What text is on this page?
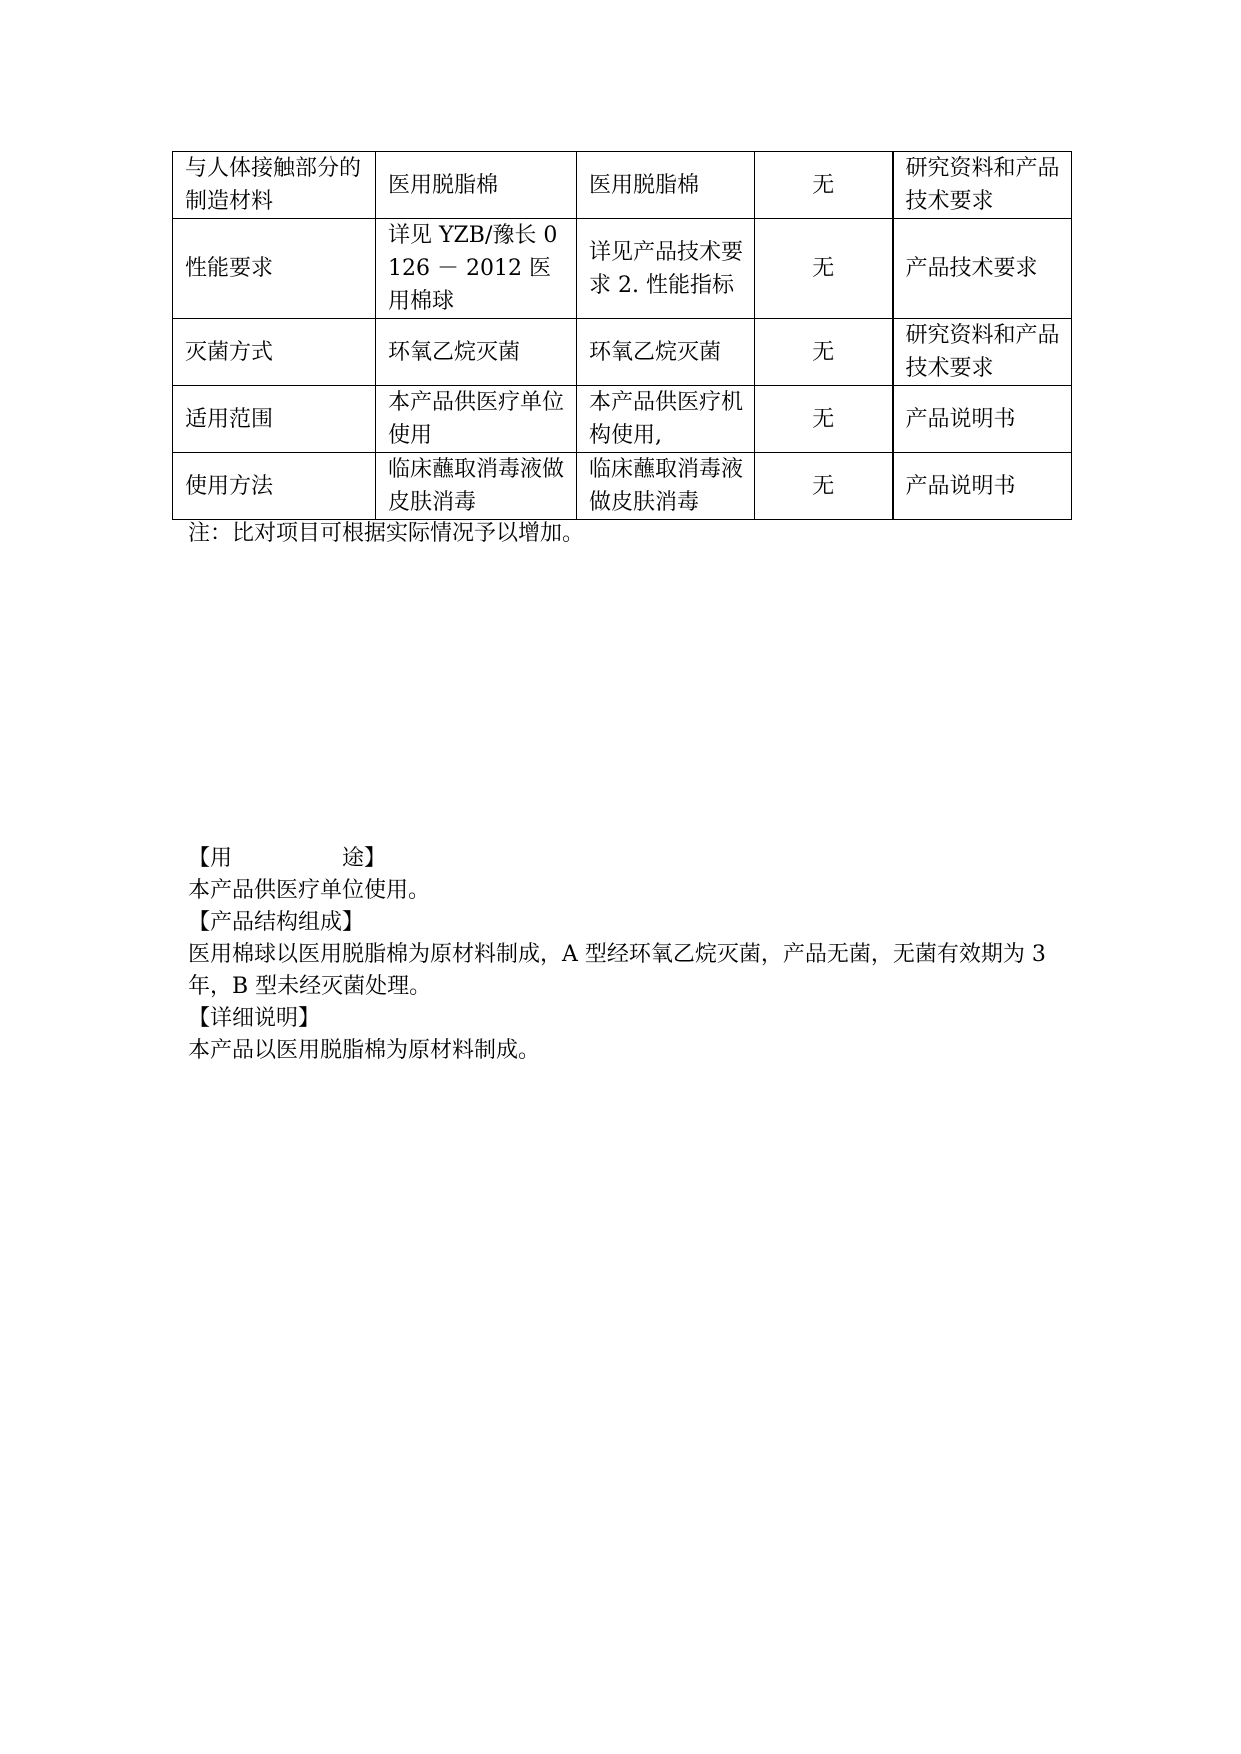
与人体接触部分的制造材料	医用脱脂棉	医用脱脂棉	无	研究资料和产品技术要求
性能要求	详见 YZB/豫长 0126 － 2012 医用棉球	详见产品技术要求 2. 性能指标	无	产品技术要求
灭菌方式	环氧乙烷灭菌	环氧乙烷灭菌	无	研究资料和产品技术要求
适用范围	本产品供医疗单位使用	本产品供医疗机构使用,	无	产品说明书
使用方法	临床蘸取消毒液做皮肤消毒	临床蘸取消毒液做皮肤消毒	无	产品说明书

注：比对项目可根据实际情况予以增加。

【用　　　　　途】

本产品供医疗单位使用。

【产品结构组成】

医用棉球以医用脱脂棉为原材料制成，A 型经环氧乙烷灭菌，产品无菌，无菌有效期为 3 年，B 型未经灭菌处理。

【详细说明】

本产品以医用脱脂棉为原材料制成。
